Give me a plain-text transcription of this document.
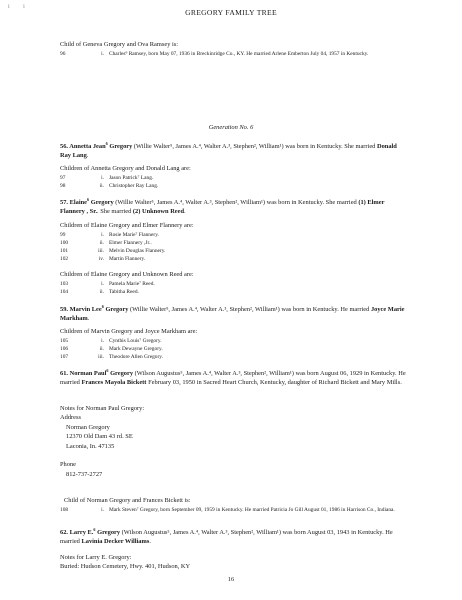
i i
GREGORY FAMILY TREE

Child of Geneva Gregory and Ova Ramsey is:

96	i. Charles⁹ Ramsey, born May 07, 1936 in Breckinridge Co., KY. He married Arlene Emberton July 04, 1957 in Kentucky.
Generation No. 6

56. Annetta Jean$^6$ Gregory (Willie Walter⁵, James A.⁴, Walter A.³, Stephen², William¹) was born in Kentucky. She married Donald Ray Lang.

Children of Annetta Gregory and Donald Lang are:

97	i. Jason Patrick⁷ Lang.
98	ii. Christopher Ray Lang.

57. Elaine$^6$ Gregory (Willie Walter⁵, James A.⁴, Walter A.³, Stephen², William¹) was born in Kentucky. She married (1) Elmer Flannery , Sr.. She married (2) Unknown Reed.

Children of Elaine Gregory and Elmer Flannery are:

99	i. Rosie Marie⁷ Flannery.
100	ii. Elmer Flannery ,Jr..
101	iii. Melvin Douglas Flannery.
102	iv. Martin Flannery.

Children of Elaine Gregory and Unknown Reed are:

103	i. Pamela Marie⁷ Reed.
104	ii. Tabitha Reed.

59. Marvin Lee$^6$ Gregory (Willie Walter⁵, James A.⁴, Walter A.³, Stephen², William¹) was born in Kentucky. He married Joyce Marie Markham.

Children of Marvin Gregory and Joyce Markham are:

105	i. Cynthis Louis⁷ Gregory.
106	ii. Mark Dewayne Gregory.
107	iii. Theodore Allen Gregory.

61. Norman Paul$^6$ Gregory (Wilson Augustus⁵, James A.⁴, Walter A.³, Stephen², William¹) was born August 06, 1929 in Kentucky. He married Frances Mayola Bickett February 03, 1950 in Sacred Heart Church, Kentucky, daughter of Richard Bickett and Mary Mills.

Notes for Norman Paul Gregory:
Address
Norman Gregory
12370 Old Dam 43 rd. SE
Laconia, In. 47135
Phone
812-737-2727

Child of Norman Gregory and Frances Bickett is:

108	i. Mark Steven⁷ Gregory, born September 09, 1959 in Kentucky. He married Patricia Jo Gill August 01, 1986 in Harrison Co., Indiana.

62. Larry E.$^6$ Gregory (Wilson Augustus⁵, James A.⁴, Walter A.³, Stephen², William¹) was born August 03, 1943 in Kentucky. He married Lavinia Decker Williams.

Notes for Larry E. Gregory:
Buried: Hudson Cemetery, Hwy. 401, Hudson, KY
16
